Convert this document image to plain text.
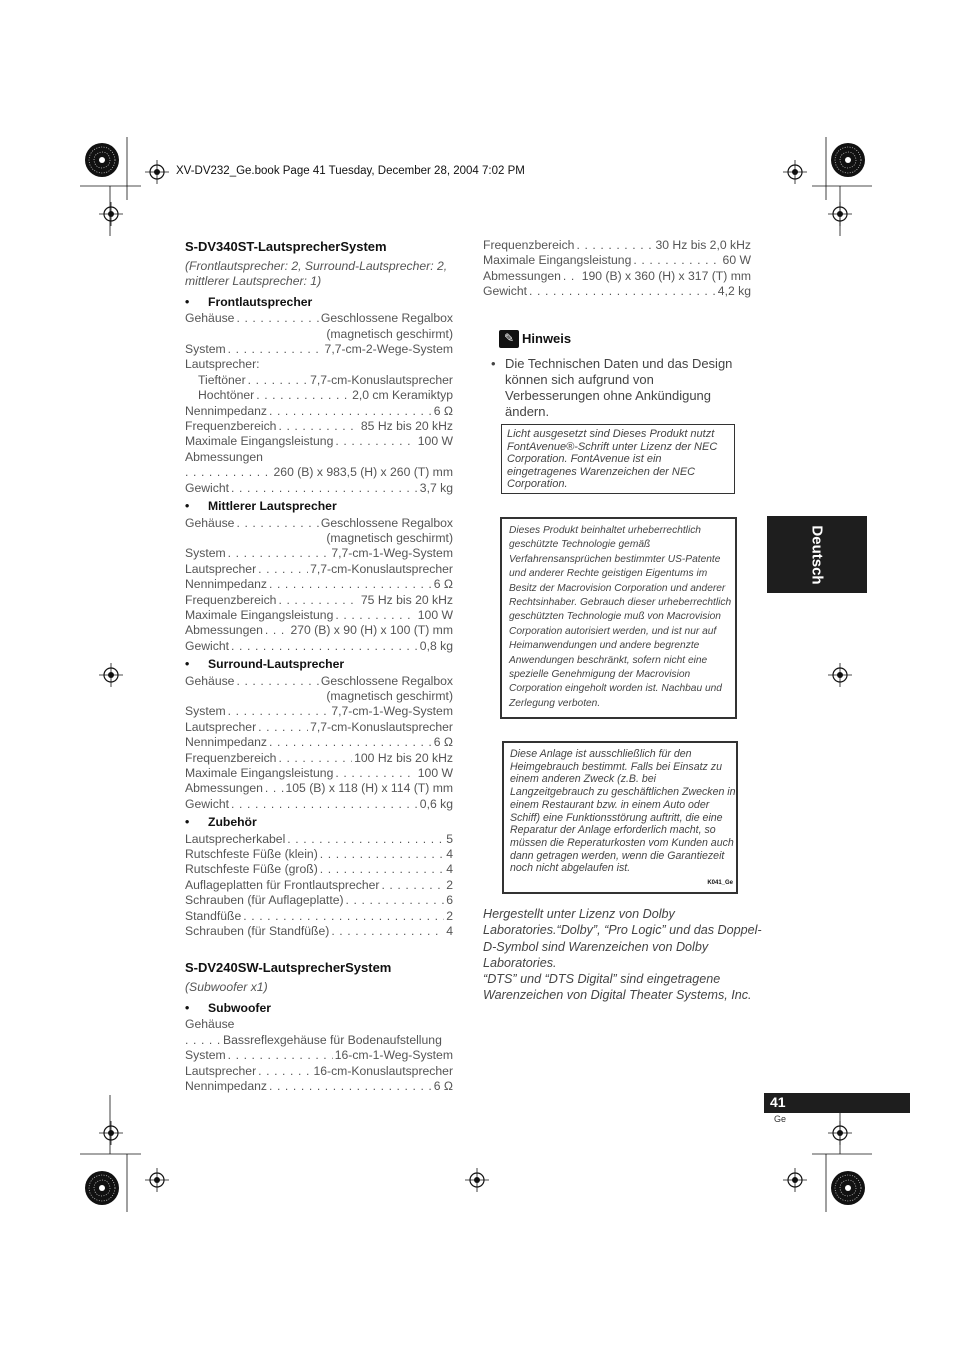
XV-DV232_Ge.book Page 41 Tuesday, December 28, 2004 7:02 PM
S-DV340ST-LautsprecherSystem
(Frontlautsprecher: 2, Surround-Lautsprecher: 2, mittlerer Lautsprecher: 1)
•	Frontlautsprecher
Gehäuse . . .	Geschlossene Regalbox
(magnetisch geschirmt)
System . . .	7,7-cm-2-Wege-System
Lautsprecher:
Tieftöner . . .	7,7-cm-Konuslautsprecher
Hochtöner . . .	2,0 cm Keramiktyp
Nennimpedanz . . .	6 Ω
Frequenzbereich . . .	85 Hz bis 20 kHz
Maximale Eingangsleistung . . .	100 W
Abmessungen
. . .
260 (B) x 983,5 (H) x 260 (T) mm
Gewicht . . .	3,7 kg
•	Mittlerer Lautsprecher
Gehäuse . . .	Geschlossene Regalbox
(magnetisch geschirmt)
System . . .	7,7-cm-1-Weg-System
Lautsprecher . . .	7,7-cm-Konuslautsprecher
Nennimpedanz . . .	6 Ω
Frequenzbereich . . .	75 Hz bis 20 kHz
Maximale Eingangsleistung . . .	100 W
Abmessungen . . . 270 (B) x 90 (H) x 100 (T) mm
Gewicht . . .	0,8 kg
•	Surround-Lautsprecher
Gehäuse . . .	Geschlossene Regalbox
(magnetisch geschirmt)
System . . .	7,7-cm-1-Weg-System
Lautsprecher . . .	7,7-cm-Konuslautsprecher
Nennimpedanz . . .	6 Ω
Frequenzbereich . . .	100 Hz bis 20 kHz
Maximale Eingangsleistung . . .	100 W
Abmessungen . . . 105 (B) x 118 (H) x 114 (T) mm
Gewicht . . .	0,6 kg
•	Zubehör
Lautsprecherkabel . . .	5
Rutschfeste Füße (klein) . . .	4
Rutschfeste Füße (groß) . . .	4
Auflageplatten für Frontlautsprecher . . .	2
Schrauben (für Auflageplatte) . . .	6
Standfüße . . .	2
Schrauben (für Standfüße) . . .	4
S-DV240SW-LautsprecherSystem
(Subwoofer x1)
•	Subwoofer
Gehäuse
. . .
Bassreflexgehäuse für Bodenaufstellung
System . . .	16-cm-1-Weg-System
Lautsprecher . . .	16-cm-Konuslautsprecher
Nennimpedanz . . .	6 Ω
Frequenzbereich . . .	30 Hz bis 2,0 kHz
Maximale Eingangsleistung . . .	60 W
Abmessungen . . . 190 (B) x 360 (H) x 317 (T) mm
Gewicht . . .	4,2 kg
✎ Hinweis
• Die Technischen Daten und das Design können sich aufgrund von Verbesserungen ohne Ankündigung ändern.
Licht ausgesetzt sind Dieses Produkt nutzt FontAvenue®-Schrift unter Lizenz der NEC Corporation. FontAvenue ist ein eingetragenes Warenzeichen der NEC Corporation.
Dieses Produkt beinhaltet urheberrechtlich geschützte Technologie gemäß Verfahrensansprüchen bestimmter US-Patente und anderer Rechte geistigen Eigentums im Besitz der Macrovision Corporation und anderer Rechtsinhaber. Gebrauch dieser urheberrechtlich geschützten Technologie muß von Macrovision Corporation autorisiert werden, und ist nur auf Heimanwendungen und andere begrenzte Anwendungen beschränkt, sofern nicht eine spezielle Genehmigung der Macrovision Corporation eingeholt worden ist. Nachbau und Zerlegung verboten.
Diese Anlage ist ausschließlich für den Heimgebrauch bestimmt. Falls bei Einsatz zu einem anderen Zweck (z.B. bei Langzeitgebrauch zu geschäftlichen Zwecken in einem Restaurant bzw. in einem Auto oder Schiff) eine Funktionsstörung auftritt, die eine Reparatur der Anlage erforderlich macht, so müssen die Reperaturkosten vom Kunden auch dann getragen werden, wenn die Garantiezeit noch nicht abgelaufen ist.
K041_Ge
Hergestellt unter Lizenz von Dolby Laboratories.“Dolby”, “Pro Logic” und das Doppel-D-Symbol sind Warenzeichen von Dolby Laboratories.
“DTS” und “DTS Digital” sind eingetragene Warenzeichen von Digital Theater Systems, Inc.
Deutsch
41
Ge
